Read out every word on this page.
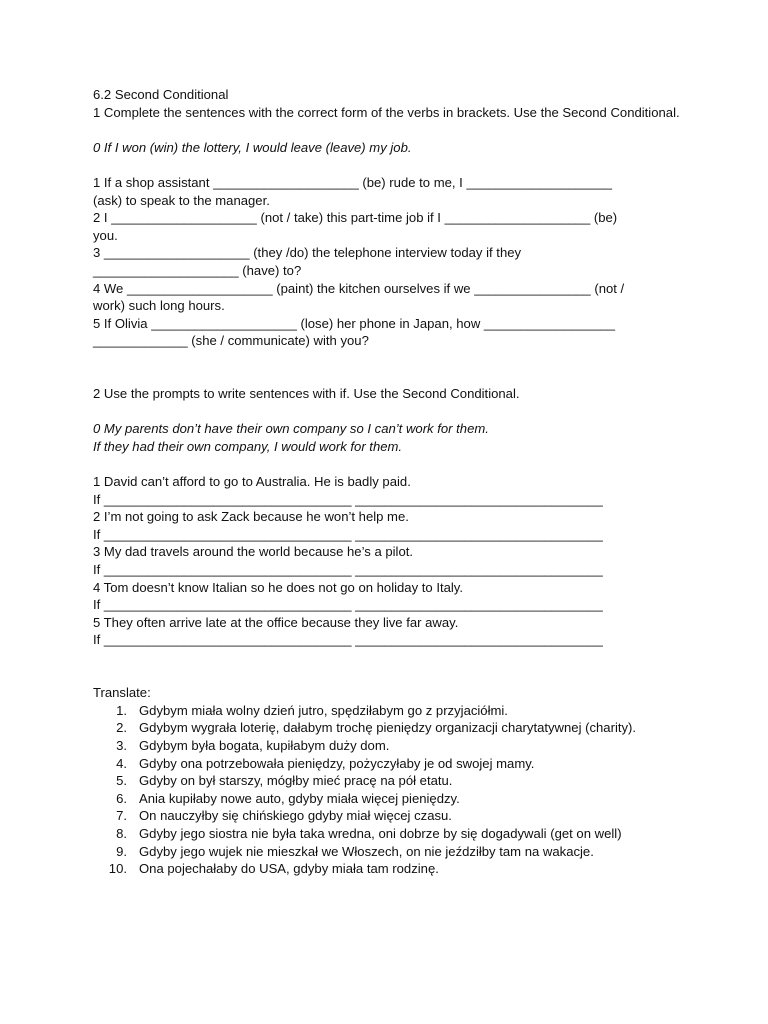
6.2 Second Conditional
1 Complete the sentences with the correct form of the verbs in brackets. Use the Second Conditional.
0 If I won (win) the lottery, I would leave (leave) my job.
1 If a shop assistant ____________________ (be) rude to me, I ____________________
(ask) to speak to the manager.
2 I ____________________ (not / take) this part-time job if I ____________________ (be)
you.
3 ____________________ (they /do) the telephone interview today if they
____________________ (have) to?
4 We ____________________ (paint) the kitchen ourselves if we ________________ (not /
work) such long hours.
5 If Olivia ____________________ (lose) her phone in Japan, how __________________
_____________ (she / communicate) with you?
2 Use the prompts to write sentences with if. Use the Second Conditional.
0 My parents don’t have their own company so I can’t work for them.
If they had their own company, I would work for them.
1 David can’t afford to go to Australia. He is badly paid.
If __________________________________ __________________________________
2 I’m not going to ask Zack because he won’t help me.
If __________________________________ __________________________________
3 My dad travels around the world because he’s a pilot.
If __________________________________ __________________________________
4 Tom doesn’t know Italian so he does not go on holiday to Italy.
If __________________________________ __________________________________
5 They often arrive late at the office because they live far away.
If __________________________________ __________________________________
Translate:
Gdybym miała wolny dzień jutro, spędziłabym go z przyjaciółmi.
Gdybym wygrała loterię, dałabym trochę pieniędzy organizacji charytatywnej (charity).
Gdybym była bogata, kupiłabym duży dom.
Gdyby ona potrzebowała pieniędzy, pożyczyłaby je od swojej mamy.
Gdyby on był starszy, mógłby mieć pracę na pół etatu.
Ania kupiłaby nowe auto, gdyby miała więcej pieniędzy.
On nauczyłby się chińskiego gdyby miał więcej czasu.
Gdyby jego siostra nie była taka wredna, oni dobrze by się dogadywali (get on well)
Gdyby jego wujek nie mieszkał we Włoszech, on nie jeździłby tam na wakacje.
Ona pojechałaby do USA, gdyby miała tam rodzinę.
